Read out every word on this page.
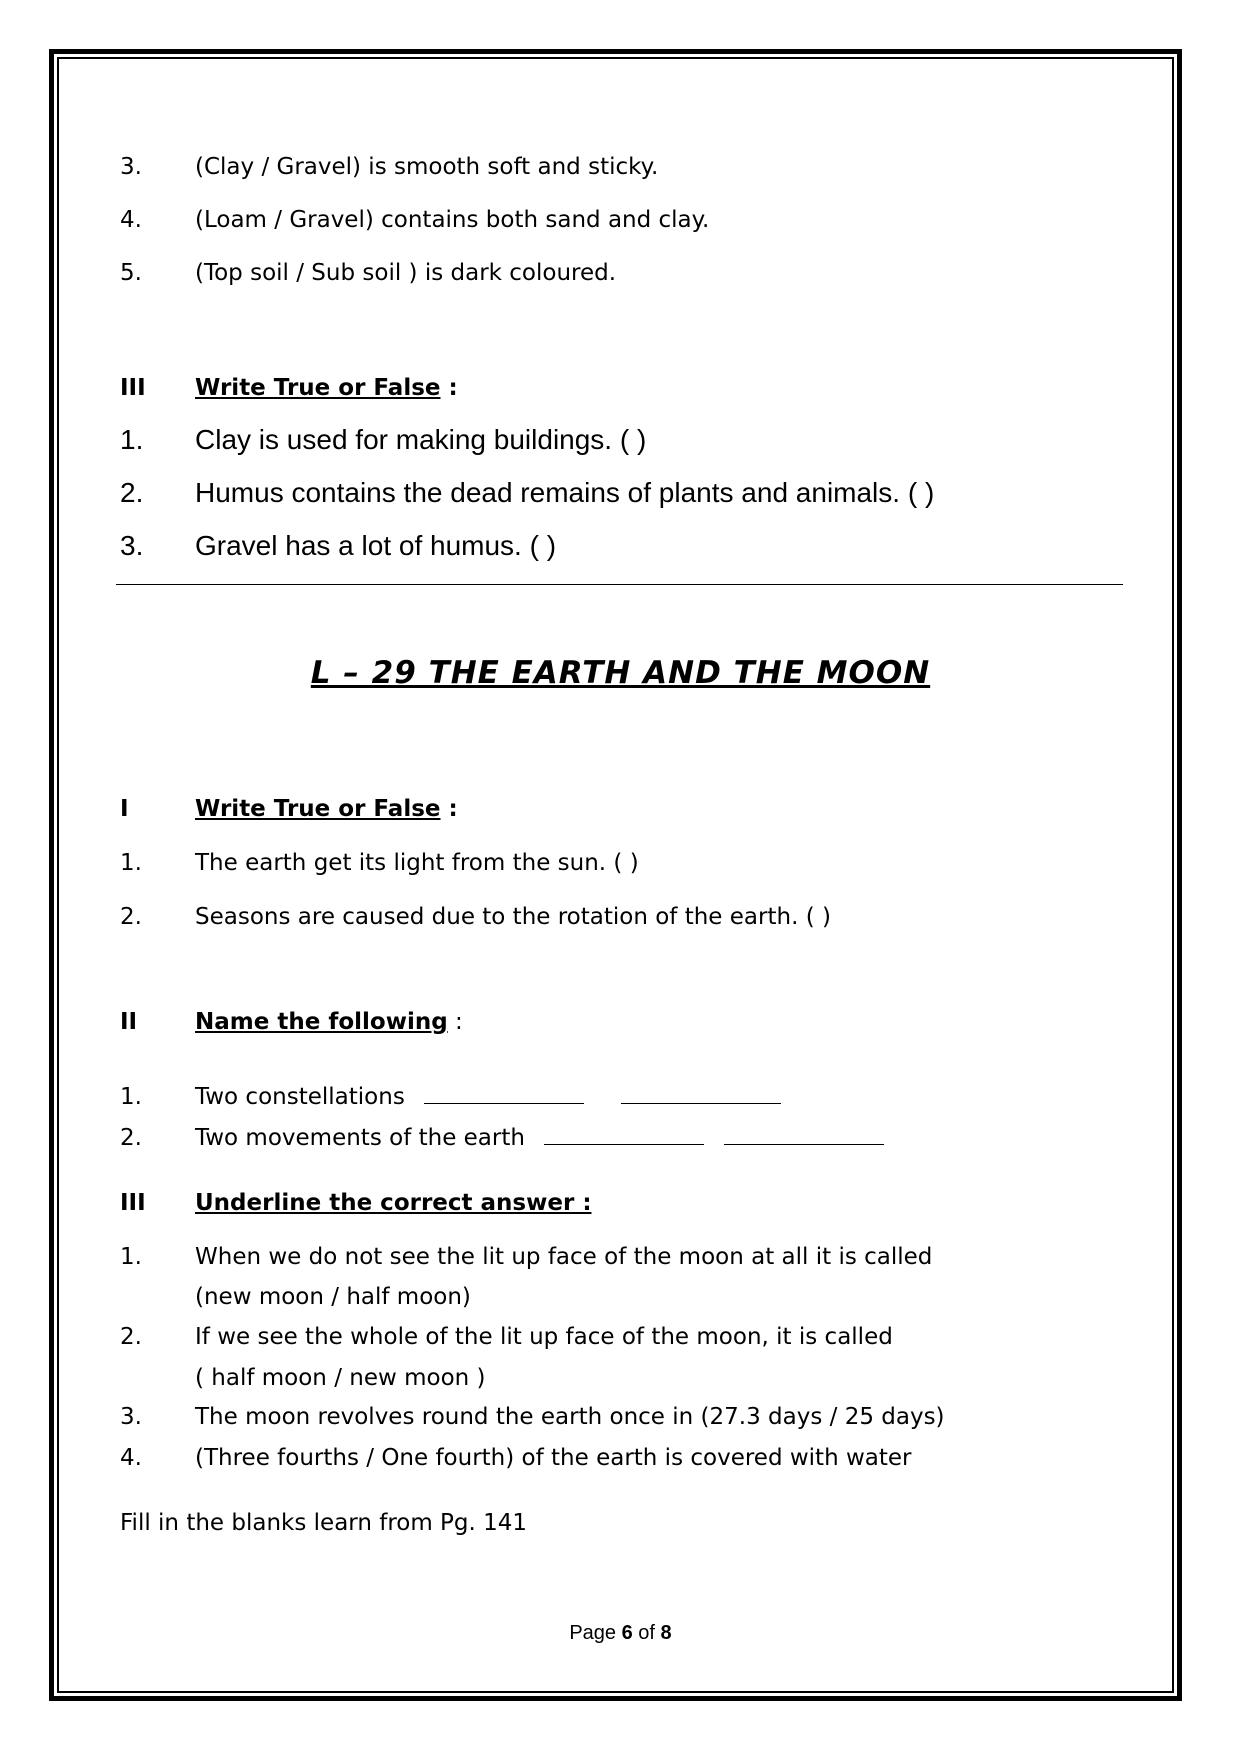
3. (Clay / Gravel) is smooth soft and sticky.
4. (Loam / Gravel) contains both sand and clay.
5. (Top soil / Sub soil ) is dark coloured.
III Write True or False :
1. Clay is used for making buildings. ( )
2. Humus contains the dead remains of plants and animals. ( )
3. Gravel has a lot of humus. ( )
L – 29 THE EARTH AND THE MOON
I	Write True or False :
1. The earth get its light from the sun. ( )
2. Seasons are caused due to the rotation of the earth. ( )
II	Name the following :
1. Two constellations
2. Two movements of the earth
III Underline the correct answer :
1. When we do not see the lit up face of the moon at all it is called
(new moon / half moon)
2. If we see the whole of the lit up face of the moon, it is called
( half moon / new moon )
3. The moon revolves round the earth once in (27.3 days / 25 days)
4. (Three fourths / One fourth) of the earth is covered with water
Fill in the blanks learn from Pg. 141
Page 6 of 8
